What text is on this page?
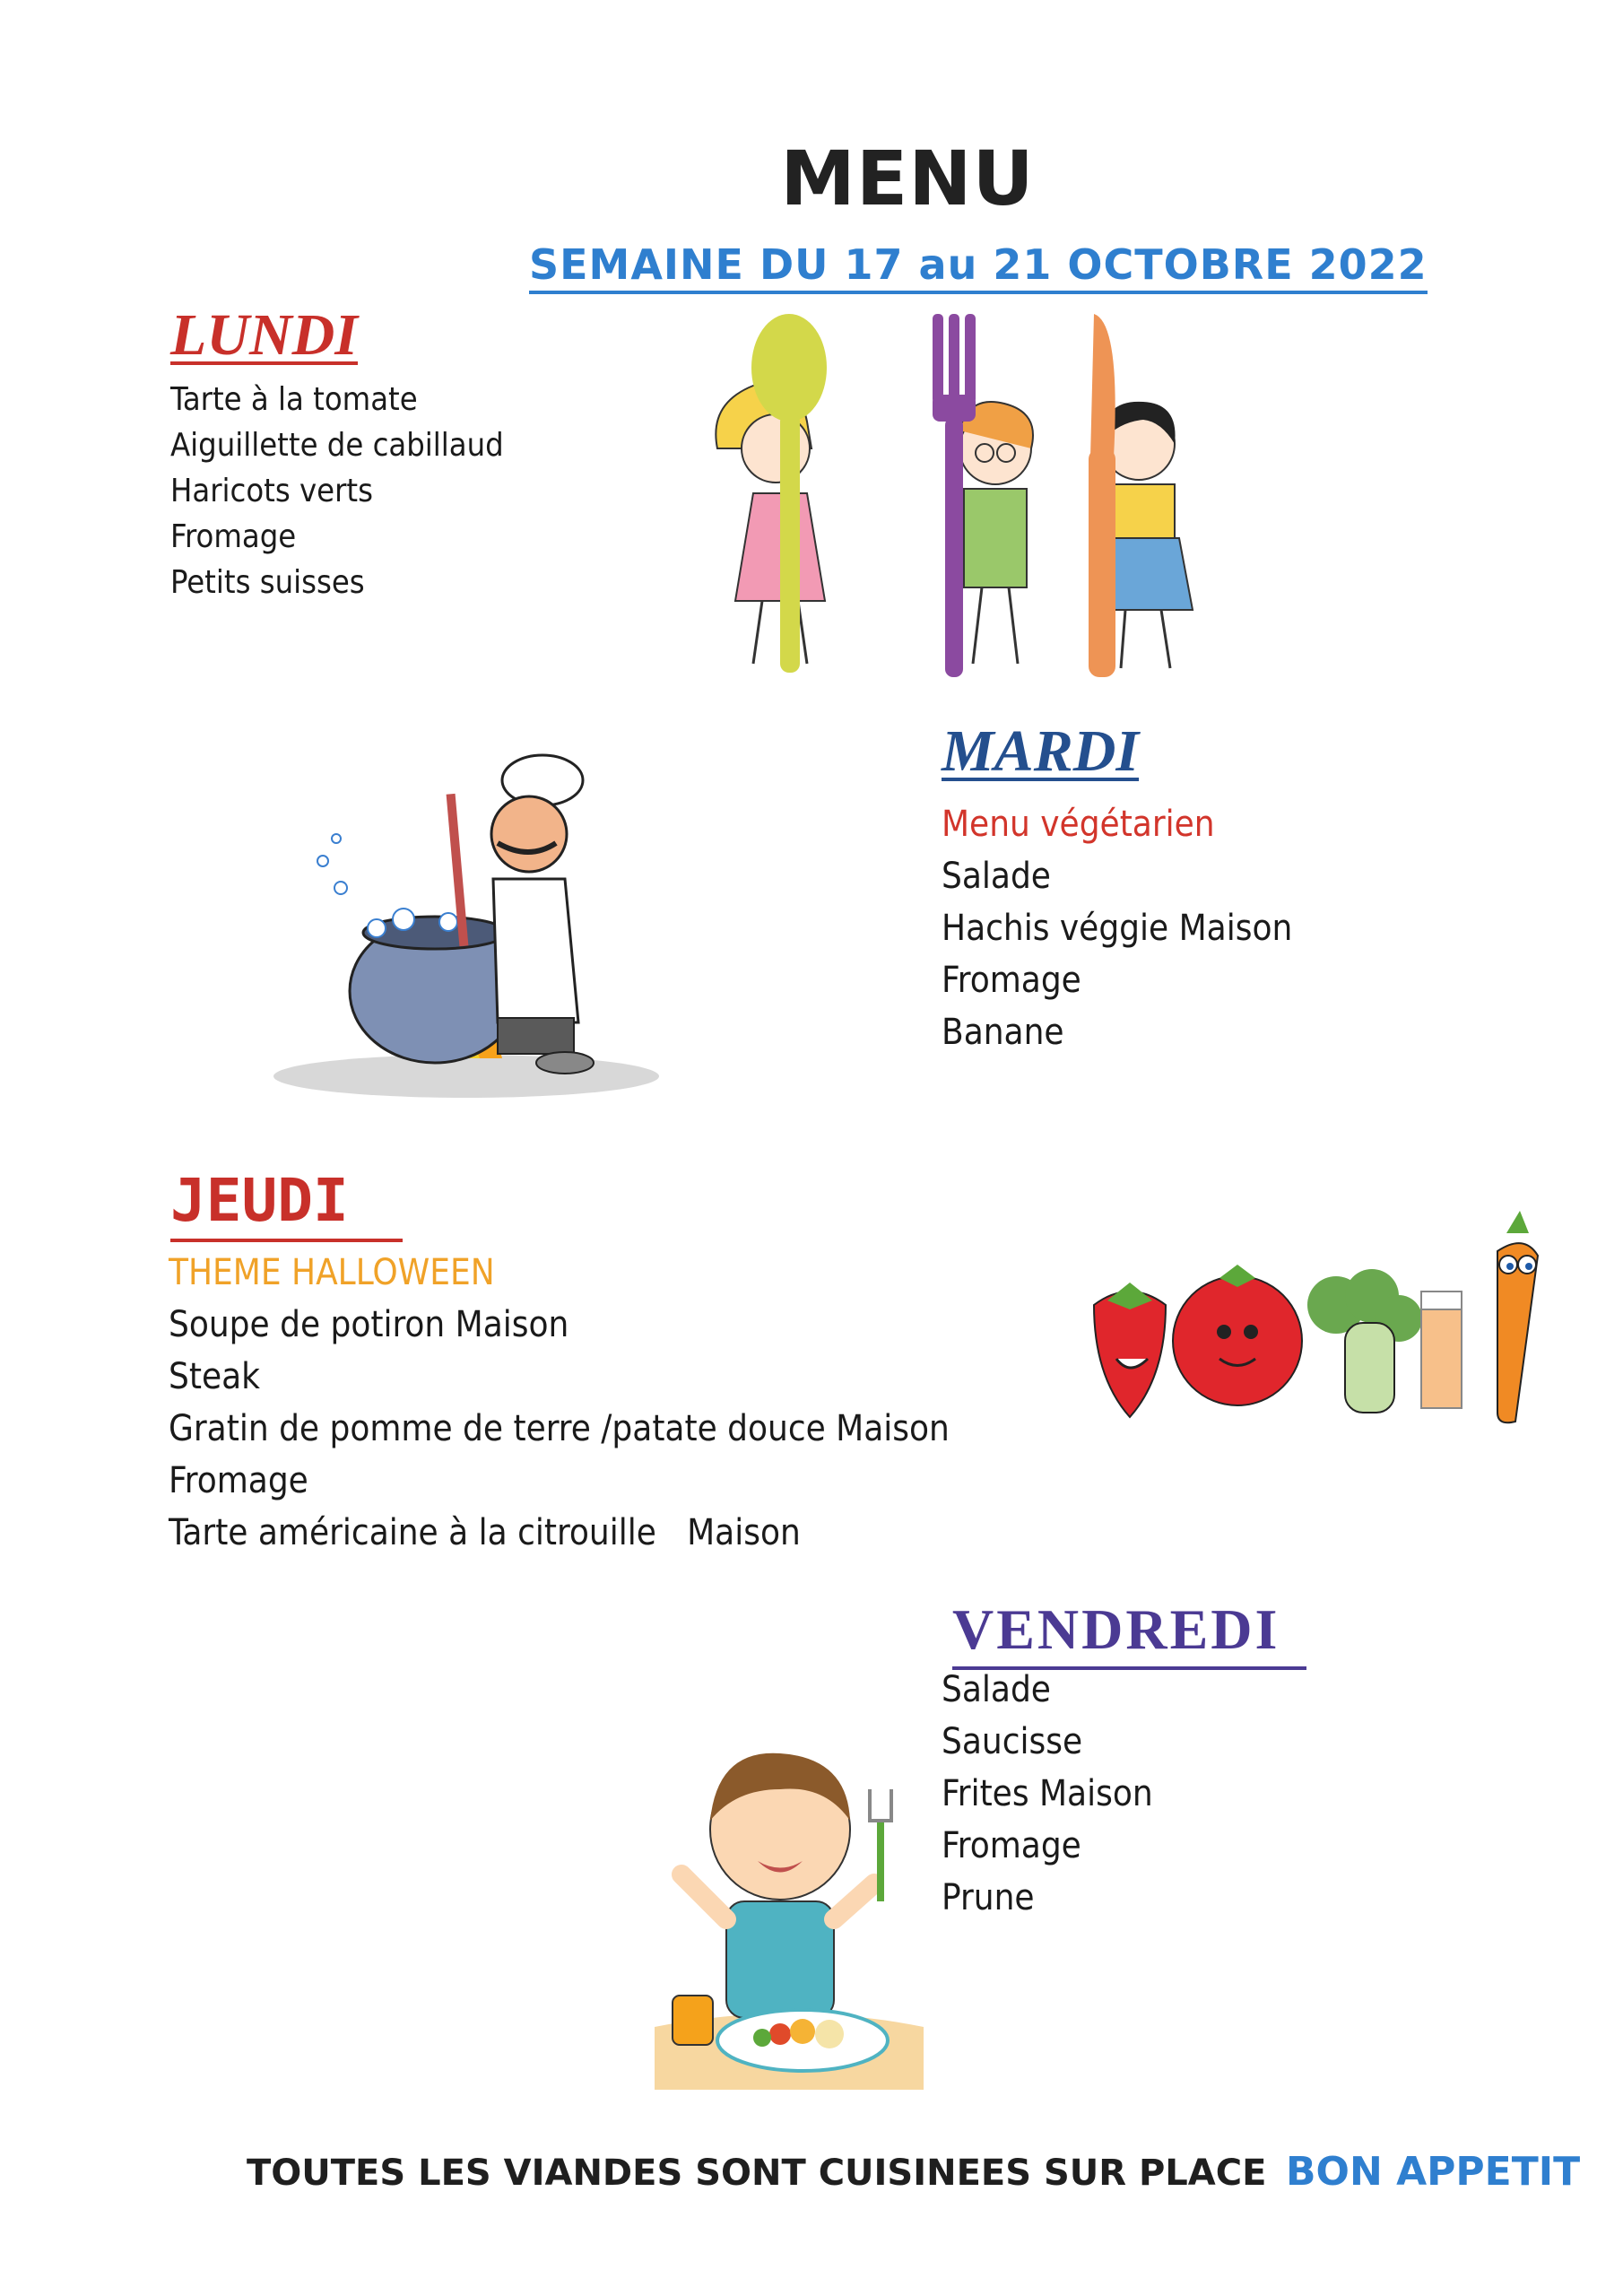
MENU
SEMAINE DU 17 au 21 OCTOBRE 2022
LUNDI
Tarte à la tomate
Aiguillette de cabillaud
Haricots verts
Fromage
Petits suisses
MARDI
Menu végétarien
Salade
Hachis véggie Maison
Fromage
Banane
JEUDI
THEME HALLOWEEN
Soupe de potiron Maison
Steak
Gratin de pomme de terre /patate douce Maison
Fromage
Tarte américaine à la citrouille   Maison
VENDREDI
Salade
Saucisse
Frites Maison
Fromage
Prune
TOUTES LES VIANDES SONT CUISINEES SUR PLACE BON APPETIT
